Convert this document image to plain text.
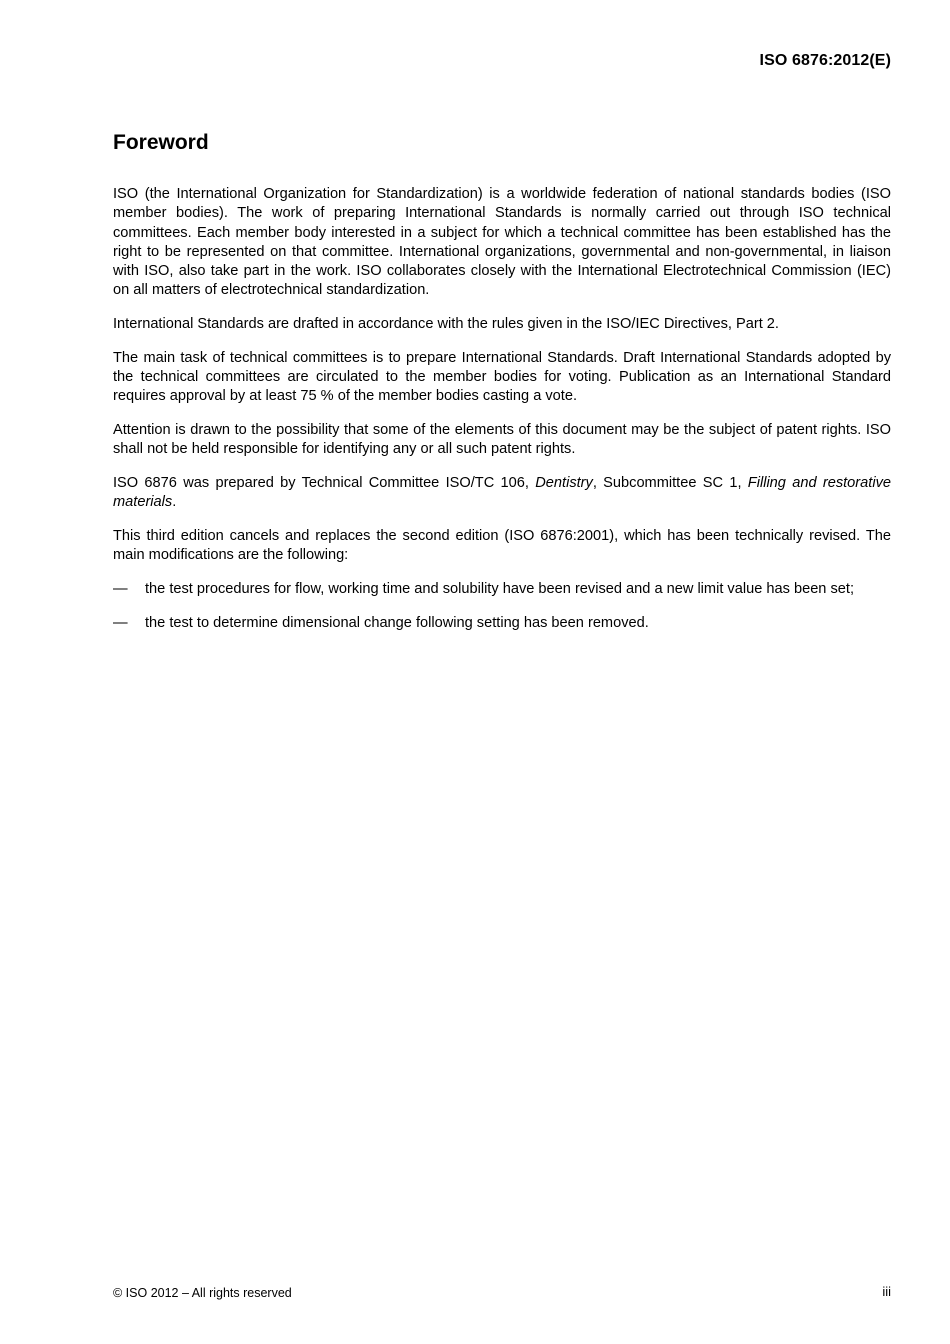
ISO 6876:2012(E)
Foreword

ISO (the International Organization for Standardization) is a worldwide federation of national standards bodies (ISO member bodies). The work of preparing International Standards is normally carried out through ISO technical committees. Each member body interested in a subject for which a technical committee has been established has the right to be represented on that committee. International organizations, governmental and non-governmental, in liaison with ISO, also take part in the work. ISO collaborates closely with the International Electrotechnical Commission (IEC) on all matters of electrotechnical standardization.

International Standards are drafted in accordance with the rules given in the ISO/IEC Directives, Part 2.

The main task of technical committees is to prepare International Standards. Draft International Standards adopted by the technical committees are circulated to the member bodies for voting. Publication as an International Standard requires approval by at least 75 % of the member bodies casting a vote.

Attention is drawn to the possibility that some of the elements of this document may be the subject of patent rights. ISO shall not be held responsible for identifying any or all such patent rights.

ISO 6876 was prepared by Technical Committee ISO/TC 106, Dentistry, Subcommittee SC 1, Filling and restorative materials.

This third edition cancels and replaces the second edition (ISO 6876:2001), which has been technically revised. The main modifications are the following:

— the test procedures for flow, working time and solubility have been revised and a new limit value has been set;
— the test to determine dimensional change following setting has been removed.
© ISO 2012 – All rights reserved	iii
